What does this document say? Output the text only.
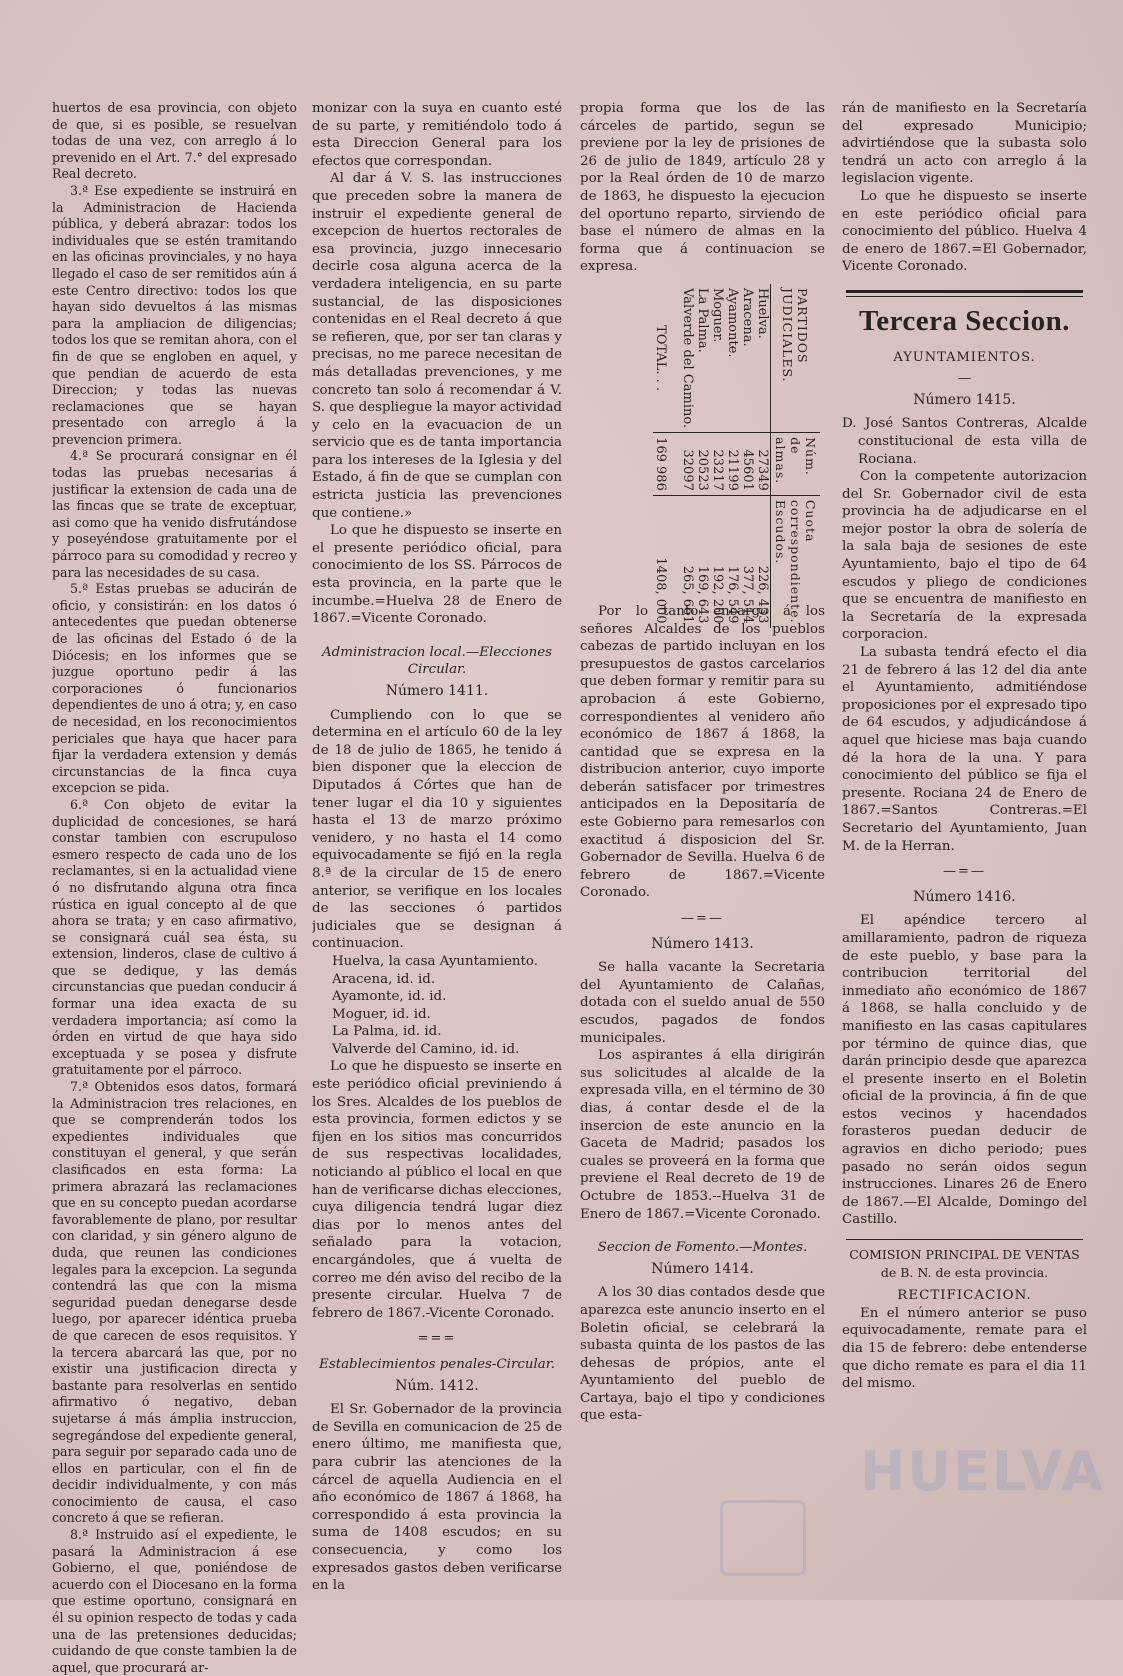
huertos de esa provincia, con objeto de que, si es posible, se resuelvan todas de una vez, con arreglo á lo prevenido en el Art. 7.° del expresado Real decreto.

3.ª Ese expediente se instruirá en la Administracion de Hacienda pública, y deberá abrazar: todos los individuales que se estén tramitando en las oficinas provinciales, y no haya llegado el caso de ser remitidos aún á este Centro directivo: todos los que hayan sido devueltos á las mismas para la ampliacion de diligencias; todos los que se remitan ahora, con el fin de que se engloben en aquel, y que pendian de acuerdo de esta Direccion; y todas las nuevas reclamaciones que se hayan presentado con arreglo á la prevencion primera.

4.ª Se procurará consignar en él todas las pruebas necesarias á justificar la extension de cada una de las fincas que se trate de exceptuar, asi como que ha venido disfrutándose y poseyéndose gratuitamente por el párroco para su comodidad y recreo y para las necesidades de su casa.

5.ª Estas pruebas se aducirán de oficio, y consistirán: en los datos ó antecedentes que puedan obtenerse de las oficinas del Estado ó de la Diócesis; en los informes que se juzgue oportuno pedir á las corporaciones ó funcionarios dependientes de uno á otra; y, en caso de necesidad, en los reconocimientos periciales que haya que hacer para fijar la verdadera extension y demás circunstancias de la finca cuya excepcion se pida.

6.ª Con objeto de evitar la duplicidad de concesiones, se hará constar tambien con escrupuloso esmero respecto de cada uno de los reclamantes, si en la actualidad viene ó no disfrutando alguna otra finca rústica en igual concepto al de que ahora se trata; y en caso afirmativo, se consignará cuál sea ésta, su extension, linderos, clase de cultivo á que se dedique, y las demás circunstancias que puedan conducir á formar una idea exacta de su verdadera importancia; así como la órden en virtud de que haya sido exceptuada y se posea y disfrute gratuitamente por el párroco.

7.ª Obtenidos esos datos, formará la Administracion tres relaciones, en que se comprenderán todos los expedientes individuales que constituyan el general, y que serán clasificados en esta forma: La primera abrazará las reclamaciones que en su concepto puedan acordarse favorablemente de plano, por resultar con claridad, y sin género alguno de duda, que reunen las condiciones legales para la excepcion. La segunda contendrá las que con la misma seguridad puedan denegarse desde luego, por aparecer idéntica prueba de que carecen de esos requisitos. Y la tercera abarcará las que, por no existir una justificacion directa y bastante para resolverlas en sentido afirmativo ó negativo, deban sujetarse á más ámplia instruccion, segregándose del expediente general, para seguir por separado cada uno de ellos en particular, con el fin de decidir individualmente, y con más conocimiento de causa, el caso concreto á que se refieran.

8.ª Instruido así el expediente, le pasará la Administracion á ese Gobierno, el que, poniéndose de acuerdo con el Diocesano en la forma que estime oportuno, consignará en él su opinion respecto de todas y cada una de las pretensiones deducidas; cuidando de que conste tambien la de aquel, que procurará ar-

monizar con la suya en cuanto esté de su parte, y remitiéndolo todo á esta Direccion General para los efectos que correspondan.

Al dar á V. S. las instrucciones que preceden sobre la manera de instruir el expediente general de excepcion de huertos rectorales de esa provincia, juzgo innecesario decirle cosa alguna acerca de la verdadera inteligencia, en su parte sustancial, de las disposiciones contenidas en el Real decreto á que se refieren, que, por ser tan claras y precisas, no me parece necesitan de más detalladas prevenciones, y me concreto tan solo á recomendar á V. S. que despliegue la mayor actividad y celo en la evacuacion de un servicio que es de tanta importancia para los intereses de la Iglesia y del Estado, á fin de que se cumplan con estricta justicia las prevenciones que contiene.»

Lo que he dispuesto se inserte en el presente periódico oficial, para conocimiento de los SS. Párrocos de esta provincia, en la parte que le incumbe.=Huelva 28 de Enero de 1867.=Vicente Coronado.

Administracion local.—Elecciones Circular.
Número 1411.

Cumpliendo con lo que se determina en el artículo 60 de la ley de 18 de julio de 1865, he tenido á bien disponer que la eleccion de Diputados á Córtes que han de tener lugar el dia 10 y siguientes hasta el 13 de marzo próximo venidero, y no hasta el 14 como equivocadamente se fijó en la regla 8.ª de la circular de 15 de enero anterior, se verifique en los locales de las secciones ó partidos judiciales que se designan á continuacion.

Huelva, la casa Ayuntamiento.
Aracena, id. id.
Ayamonte, id. id.
Moguer, id. id.
La Palma, id. id.
Valverde del Camino, id. id.

Lo que he dispuesto se inserte en este periódico oficial previniendo á los Sres. Alcaldes de los pueblos de esta provincia, formen edictos y se fijen en los sitios mas concurridos de sus respectivas localidades, noticiando al público el local en que han de verificarse dichas elecciones, cuya diligencia tendrá lugar diez dias por lo menos antes del señalado para la votacion, encargándoles, que á vuelta de correo me dén aviso del recibo de la presente circular. Huelva 7 de febrero de 1867.-Vicente Coronado.

===
Establecimientos penales-Circular.
Núm. 1412.

El Sr. Gobernador de la provincia de Sevilla en comunicacion de 25 de enero último, me manifiesta que, para cubrir las atenciones de la cárcel de aquella Audiencia en el año económico de 1867 á 1868, ha correspondido á esta provincia la suma de 1408 escudos; en su consecuencia, y como los expresados gastos deben verificarse en la

propia forma que los de las cárceles de partido, segun se previene por la ley de prisiones de 26 de julio de 1849, artículo 28 y por la Real órden de 10 de marzo de 1863, he dispuesto la ejecucion del oportuno reparto, sirviendo de base el número de almas en la forma que á continuacion se expresa.

PARTIDOS JUDICIALES.	Núm. de almas.	Cuota correspondiente. Escudos.
Huelva.	27349	226, 433
Aracena.	45601	377, 514
Ayamonte.	21199	176, 549
Moguer.	23217	192, 200
La Palma.	20523	169, 643
Valverde del Camino.	32097	265, 661
TOTAL. . .	169 986	1408, 000

Por lo tanto encargo á los señores Alcaldes de los pueblos cabezas de partido incluyan en los presupuestos de gastos carcelarios que deben formar y remitir para su aprobacion á este Gobierno, correspondientes al venidero año económico de 1867 á 1868, la cantidad que se expresa en la distribucion anterior, cuyo importe deberán satisfacer por trimestres anticipados en la Depositaría de este Gobierno para remesarlos con exactitud á disposicion del Sr. Gobernador de Sevilla. Huelva 6 de febrero de 1867.=Vicente Coronado.

—=—
Número 1413.

Se halla vacante la Secretaria del Ayuntamiento de Calañas, dotada con el sueldo anual de 550 escudos, pagados de fondos municipales.

Los aspirantes á ella dirigirán sus solicitudes al alcalde de la expresada villa, en el término de 30 dias, á contar desde el de la insercion de este anuncio en la Gaceta de Madrid; pasados los cuales se proveerá en la forma que previene el Real decreto de 19 de Octubre de 1853.--Huelva 31 de Enero de 1867.=Vicente Coronado.

Seccion de Fomento.—Montes.
Número 1414.

A los 30 dias contados desde que aparezca este anuncio inserto en el Boletin oficial, se celebrará la subasta quinta de los pastos de las dehesas de própios, ante el Ayuntamiento del pueblo de Cartaya, bajo el tipo y condiciones que esta-

rán de manifiesto en la Secretaría del expresado Municipio; advirtiéndose que la subasta solo tendrá un acto con arreglo á la legislacion vigente.

Lo que he dispuesto se inserte en este periódico oficial para conocimiento del público. Huelva 4 de enero de 1867.=El Gobernador, Vicente Coronado.

Tercera Seccion.
AYUNTAMIENTOS.
—
Número 1415.

D. José Santos Contreras, Alcalde constitucional de esta villa de Rociana.

Con la competente autorizacion del Sr. Gobernador civil de esta provincia ha de adjudicarse en el mejor postor la obra de solería de la sala baja de sesiones de este Ayuntamiento, bajo el tipo de 64 escudos y pliego de condiciones que se encuentra de manifiesto en la Secretaría de la expresada corporacion.

La subasta tendrá efecto el dia 21 de febrero á las 12 del dia ante el Ayuntamiento, admitiéndose proposiciones por el expresado tipo de 64 escudos, y adjudicándose á aquel que hiciese mas baja cuando dé la hora de la una. Y para conocimiento del público se fija el presente. Rociana 24 de Enero de 1867.=Santos Contreras.=El Secretario del Ayuntamiento, Juan M. de la Herran.

—=—
Número 1416.

El apéndice tercero al amillaramiento, padron de riqueza de este pueblo, y base para la contribucion territorial del inmediato año económico de 1867 á 1868, se halla concluido y de manifiesto en las casas capitulares por término de quince dias, que darán principio desde que aparezca el presente inserto en el Boletin oficial de la provincia, á fin de que estos vecinos y hacendados forasteros puedan deducir de agravios en dicho periodo; pues pasado no serán oidos segun instrucciones. Linares 26 de Enero de 1867.—El Alcalde, Domingo del Castillo.

COMISION PRINCIPAL DE VENTAS de B. N. de esta provincia.
RECTIFICACION.

En el número anterior se puso equivocadamente, remate para el dia 15 de febrero: debe entenderse que dicho remate es para el dia 11 del mismo.

HUELVA
